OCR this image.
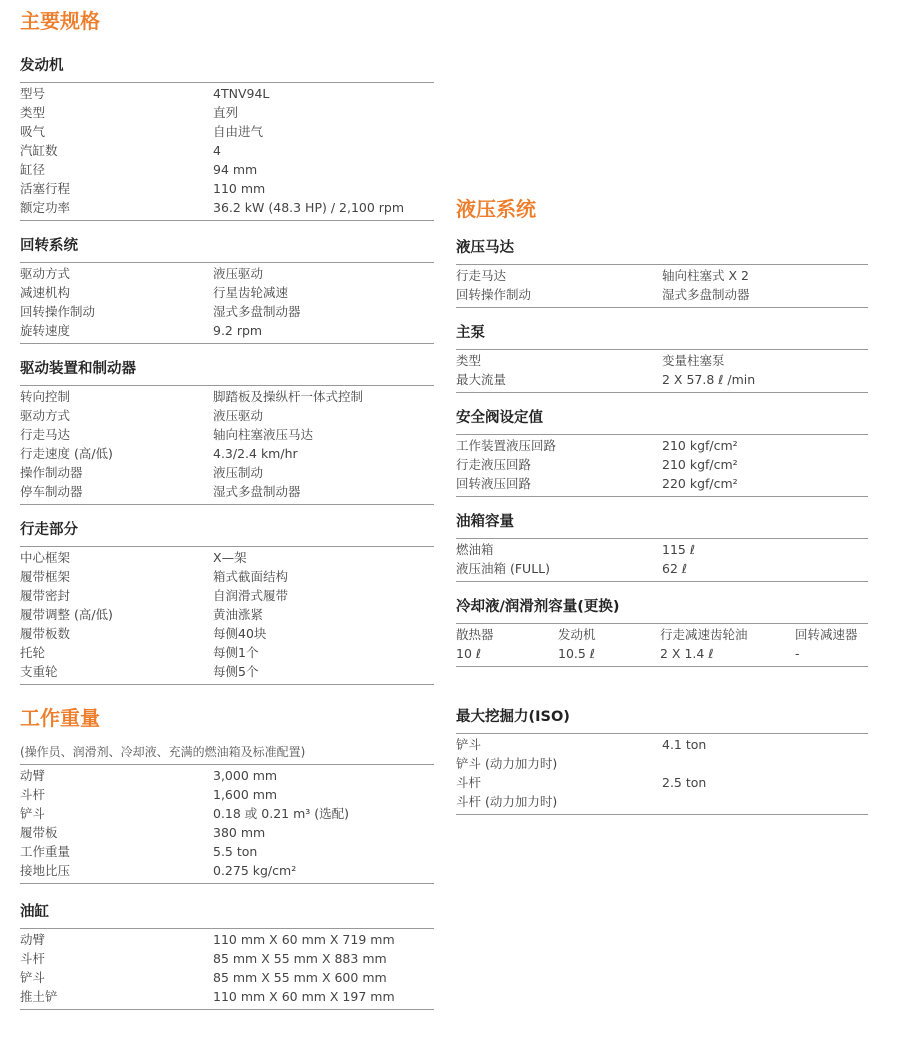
主要规格
发动机
型号	4TNV94L
类型	直列
吸气	自由进气
汽缸数	4
缸径	94 mm
活塞行程	110 mm
额定功率	36.2 kW (48.3 HP) / 2,100 rpm
回转系统
驱动方式	液压驱动
减速机构	行星齿轮减速
回转操作制动	湿式多盘制动器
旋转速度	9.2 rpm
驱动装置和制动器
转向控制	脚踏板及操纵杆一体式控制
驱动方式	液压驱动
行走马达	轴向柱塞液压马达
行走速度 (高/低)	4.3/2.4 km/hr
操作制动器	液压制动
停车制动器	湿式多盘制动器
行走部分
中心框架	X—架
履带框架	箱式截面结构
履带密封	自润滑式履带
履带调整 (高/低)	黄油涨紧
履带板数	每侧40块
托轮	每侧1个
支重轮	每侧5个
工作重量
(操作员、润滑剂、冷却液、充满的燃油箱及标准配置)
动臂	3,000 mm
斗杆	1,600 mm
铲斗	0.18 或 0.21 m³ (选配)
履带板	380 mm
工作重量	5.5 ton
接地比压	0.275 kg/cm²
油缸
动臂	110 mm X 60 mm X 719 mm
斗杆	85 mm X 55 mm X 883 mm
铲斗	85 mm X 55 mm X 600 mm
推土铲	110 mm X 60 mm X 197 mm
液压系统
液压马达
行走马达	轴向柱塞式 X 2
回转操作制动	湿式多盘制动器
主泵
类型	变量柱塞泵
最大流量	2 X 57.8 ℓ /min
安全阀设定值
工作装置液压回路	210 kgf/cm²
行走液压回路	210 kgf/cm²
回转液压回路	220 kgf/cm²
油箱容量
燃油箱	115 ℓ
液压油箱 (FULL)	62 ℓ
冷却液/润滑剂容量(更换)
散热器	发动机	行走减速齿轮油	回转减速器
10 ℓ	10.5 ℓ	2 X 1.4 ℓ	-
最大挖掘力(ISO)
铲斗	4.1 ton
铲斗 (动力加力时)
斗杆	2.5 ton
斗杆 (动力加力时)
